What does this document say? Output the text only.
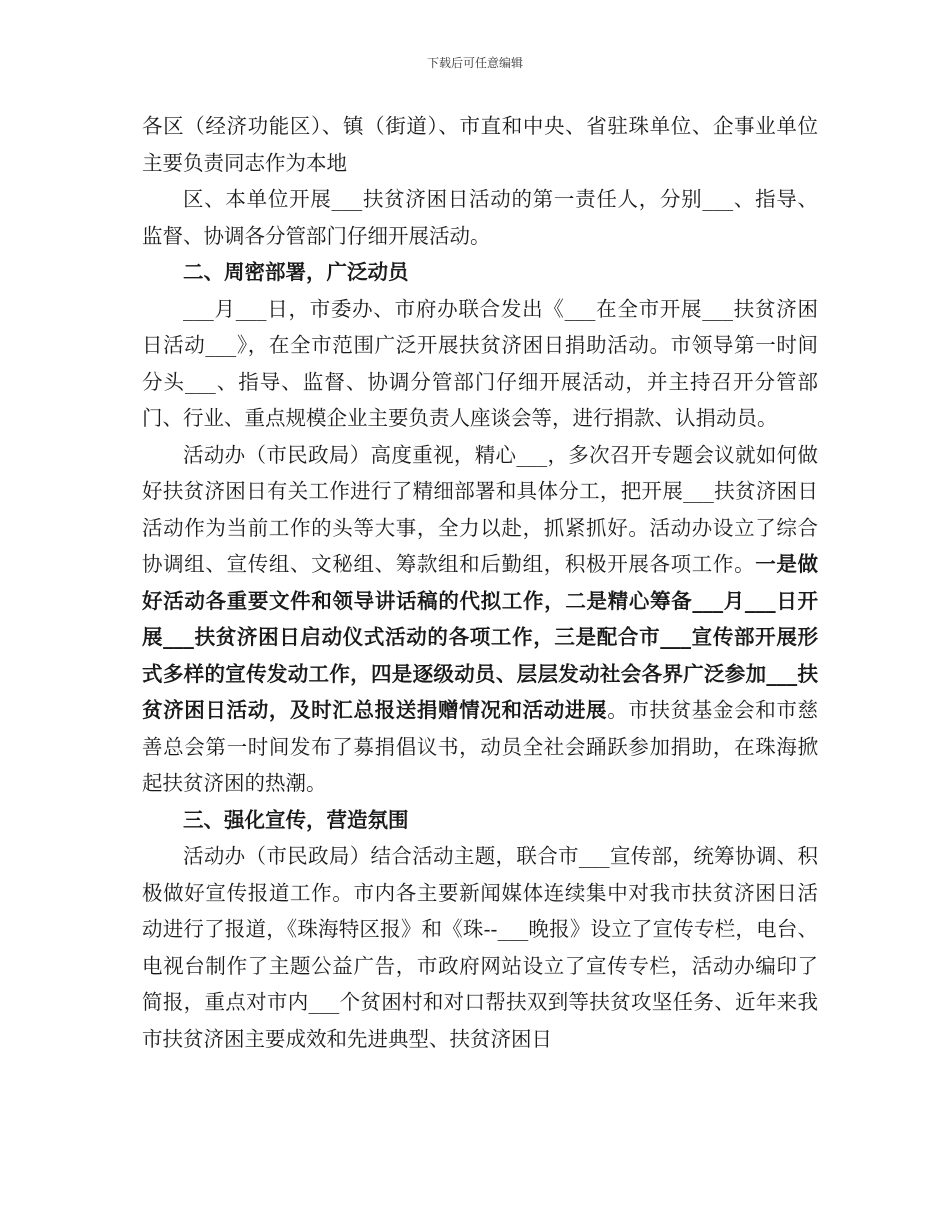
下载后可任意编辑

各区（经济功能区）、镇（街道）、市直和中央、省驻珠单位、企事业单位主要负责同志作为本地

区、本单位开展___扶贫济困日活动的第一责任人，分别___、指导、监督、协调各分管部门仔细开展活动。

二、周密部署，广泛动员

___月___日，市委办、市府办联合发出《___在全市开展___扶贫济困日活动___》，在全市范围广泛开展扶贫济困日捐助活动。市领导第一时间分头___、指导、监督、协调分管部门仔细开展活动，并主持召开分管部门、行业、重点规模企业主要负责人座谈会等，进行捐款、认捐动员。

活动办（市民政局）高度重视，精心___，多次召开专题会议就如何做好扶贫济困日有关工作进行了精细部署和具体分工，把开展___扶贫济困日活动作为当前工作的头等大事，全力以赴，抓紧抓好。活动办设立了综合协调组、宣传组、文秘组、筹款组和后勤组，积极开展各项工作。一是做好活动各重要文件和领导讲话稿的代拟工作，二是精心筹备___月___日开展___扶贫济困日启动仪式活动的各项工作，三是配合市___宣传部开展形式多样的宣传发动工作，四是逐级动员、层层发动社会各界广泛参加___扶贫济困日活动，及时汇总报送捐赠情况和活动进展。市扶贫基金会和市慈善总会第一时间发布了募捐倡议书，动员全社会踊跃参加捐助，在珠海掀起扶贫济困的热潮。

三、强化宣传，营造氛围

活动办（市民政局）结合活动主题，联合市___宣传部，统筹协调、积极做好宣传报道工作。市内各主要新闻媒体连续集中对我市扶贫济困日活动进行了报道，《珠海特区报》和《珠--___晚报》设立了宣传专栏，电台、电视台制作了主题公益广告，市政府网站设立了宣传专栏，活动办编印了简报，重点对市内___个贫困村和对口帮扶双到等扶贫攻坚任务、近年来我市扶贫济困主要成效和先进典型、扶贫济困日
